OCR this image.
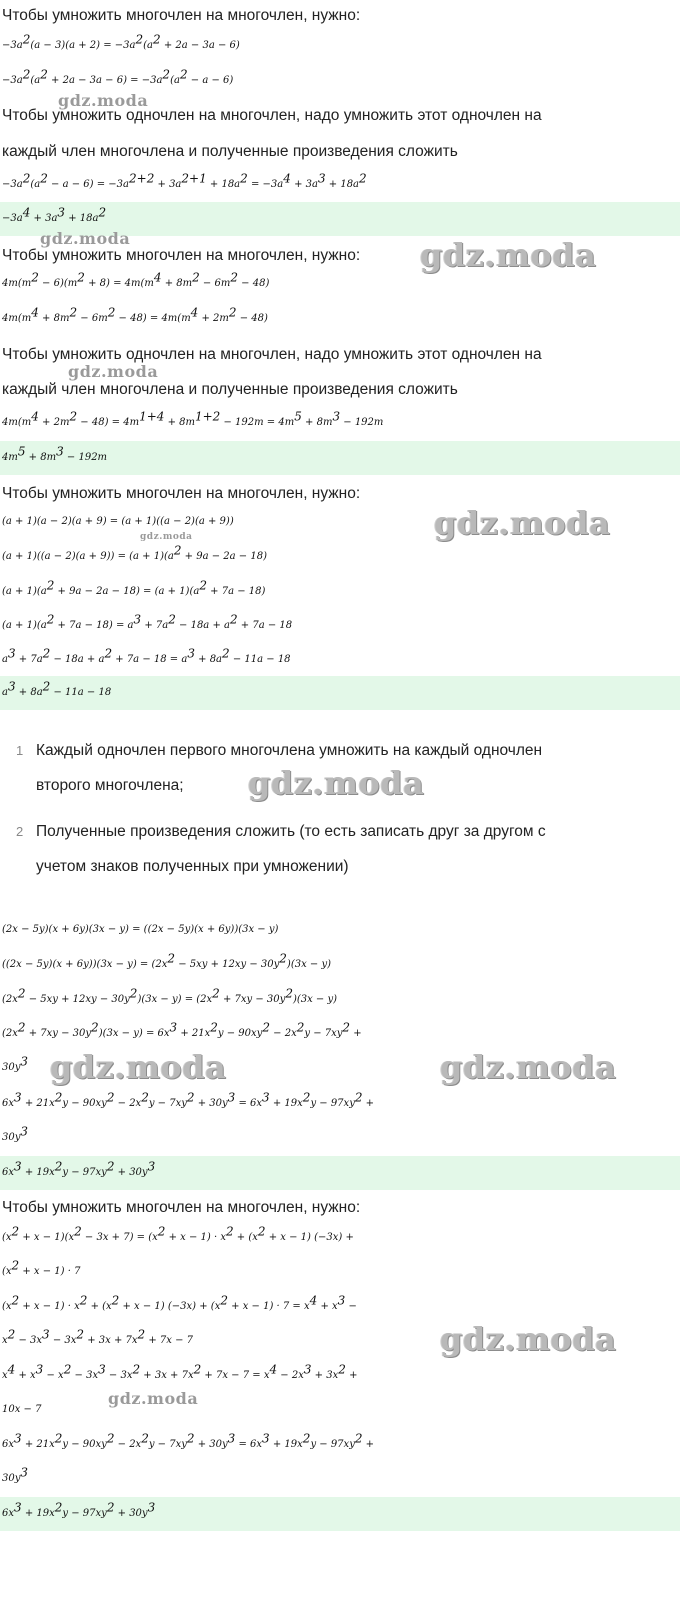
Чтобы умножить многочлен на многочлен, нужно:
$-3a^2(a - 3)(a + 2) = -3a^2(a^2 + 2a - 3a - 6)$
$-3a^2(a^2 + 2a - 3a - 6) = -3a^2(a^2 - a - 6)$
Чтобы умножить одночлен на многочлен, надо умножить этот одночлен на
каждый член многочлена и полученные произведения сложить
$-3a^2(a^2 - a - 6) = -3a^{2+2} + 3a^{2+1} + 18a^2 = -3a^4 + 3a^3 + 18a^2$
$-3a^4 + 3a^3 + 18a^2$
Чтобы умножить многочлен на многочлен, нужно:
$4m(m^2 - 6)(m^2 + 8) = 4m(m^4 + 8m^2 - 6m^2 - 48)$
$4m(m^4 + 8m^2 - 6m^2 - 48) = 4m(m^4 + 2m^2 - 48)$
Чтобы умножить одночлен на многочлен, надо умножить этот одночлен на
каждый член многочлена и полученные произведения сложить
$4m(m^4 + 2m^2 - 48) = 4m^{1+4} + 8m^{1+2} - 192m = 4m^5 + 8m^3 - 192m$
$4m^5 + 8m^3 - 192m$
Чтобы умножить многочлен на многочлен, нужно:
(a + 1)(a − 2)(a + 9) = (a + 1)((a − 2)(a + 9))
$(a + 1)((a - 2)(a + 9)) = (a + 1)(a^2 + 9a - 2a - 18)$
$(a + 1)(a^2 + 9a - 2a - 18) = (a + 1)(a^2 + 7a - 18)$
$(a + 1)(a^2 + 7a - 18) = a^3 + 7a^2 - 18a + a^2 + 7a - 18$
$a^3 + 7a^2 - 18a + a^2 + 7a - 18 = a^3 + 8a^2 - 11a - 18$
$a^3 + 8a^2 - 11a - 18$
1 Каждый одночлен первого многочлена умножить на каждый одночлен
второго многочлена;
2 Полученные произведения сложить (то есть записать друг за другом с
учетом знаков полученных при умножении)
(2x − 5y)(x + 6y)(3x − y) = ((2x − 5y)(x + 6y))(3x − y)
$((2x - 5y)(x + 6y))(3x - y) = (2x^2 - 5xy + 12xy - 30y^2)(3x - y)$
$(2x^2 - 5xy + 12xy - 30y^2)(3x - y) = (2x^2 + 7xy - 30y^2)(3x - y)$
$(2x^2 + 7xy - 30y^2)(3x - y) = 6x^3 + 21x^2y - 90xy^2 - 2x^2y - 7xy^2$ +
$30y^3$
$6x^3 + 21x^2y - 90xy^2 - 2x^2y - 7xy^2 + 30y^3 = 6x^3 + 19x^2y - 97xy^2$ +
$30y^3$
$6x^3 + 19x^2y - 97xy^2 + 30y^3$
Чтобы умножить многочлен на многочлен, нужно:
$(x^2 + x - 1)(x^2 - 3x + 7) = (x^2 + x - 1) \cdot x^2 + (x^2 + x - 1) (-3x)$ +
$(x^2 + x - 1) \cdot 7$
$(x^2 + x - 1) \cdot x^2 + (x^2 + x - 1) (-3x) + (x^2 + x - 1) \cdot 7 = x^4 + x^3$ −
$x^2 - 3x^3 - 3x^2 + 3x + 7x^2 + 7x - 7$
$x^4 + x^3 - x^2 - 3x^3 - 3x^2 + 3x + 7x^2 + 7x - 7 = x^4 - 2x^3 + 3x^2$ +
10x − 7
$6x^3 + 21x^2y - 90xy^2 - 2x^2y - 7xy^2 + 30y^3 = 6x^3 + 19x^2y - 97xy^2$ +
$30y^3$
$6x^3 + 19x^2y - 97xy^2 + 30y^3$
gdz.moda
gdz.moda	gdz.moda
gdz.moda
gdz.moda
gdz.moda
gdz.moda
gdz.moda	gdz.moda
gdz.moda
gdz.moda
